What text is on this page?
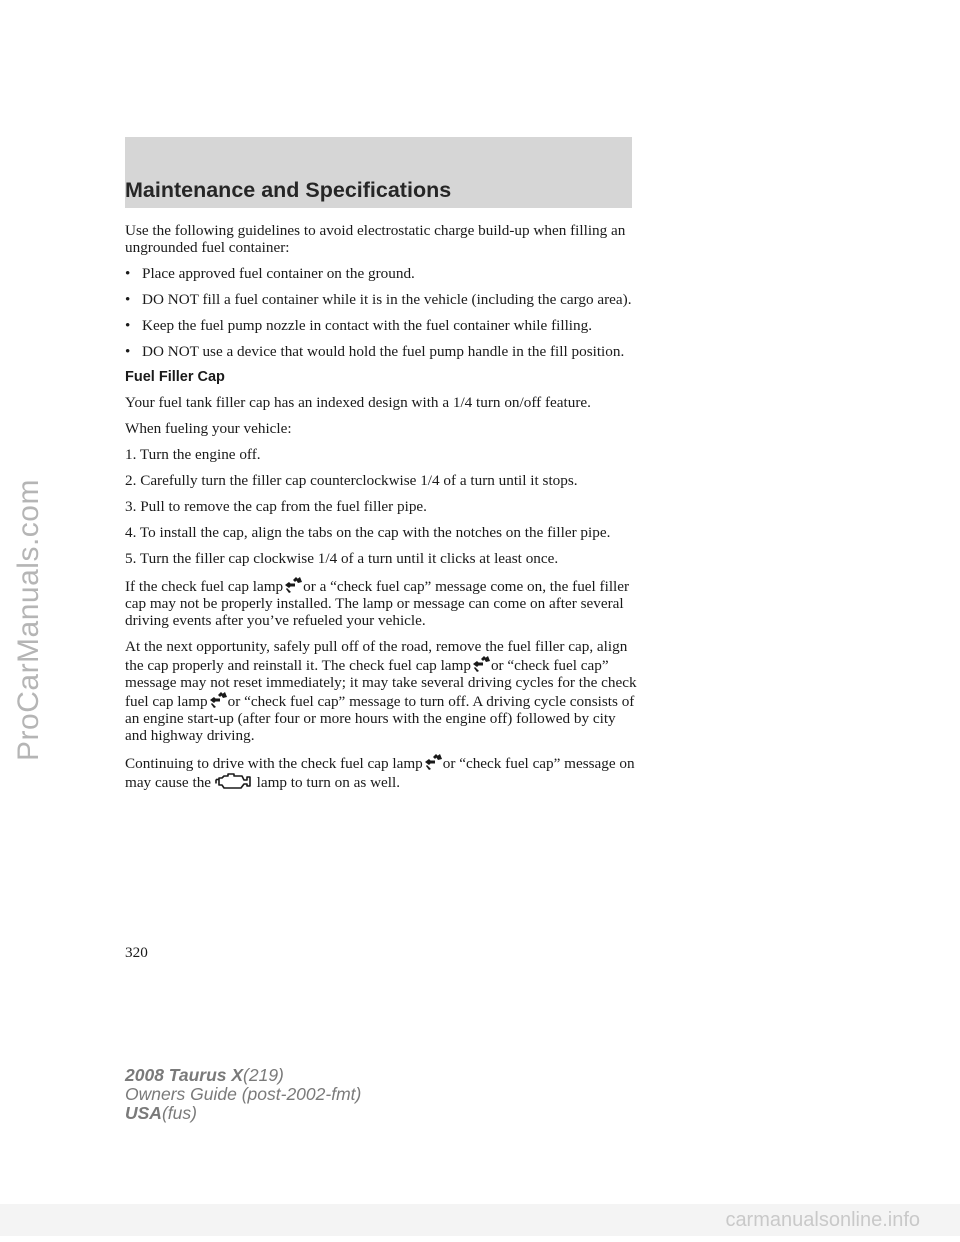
ProCarManuals.com
Maintenance and Specifications

Use the following guidelines to avoid electrostatic charge build-up when filling an ungrounded fuel container:

• Place approved fuel container on the ground.
• DO NOT fill a fuel container while it is in the vehicle (including the cargo area).
• Keep the fuel pump nozzle in contact with the fuel container while filling.
• DO NOT use a device that would hold the fuel pump handle in the fill position.
Fuel Filler Cap

Your fuel tank filler cap has an indexed design with a 1/4 turn on/off feature.

When fueling your vehicle:

1. Turn the engine off.

2. Carefully turn the filler cap counterclockwise 1/4 of a turn until it stops.

3. Pull to remove the cap from the fuel filler pipe.

4. To install the cap, align the tabs on the cap with the notches on the filler pipe.

5. Turn the filler cap clockwise 1/4 of a turn until it clicks at least once.

If the check fuel cap lamp or a “check fuel cap” message come on, the fuel filler cap may not be properly installed. The lamp or message can come on after several driving events after you’ve refueled your vehicle.

At the next opportunity, safely pull off of the road, remove the fuel filler cap, align the cap properly and reinstall it. The check fuel cap lamp or “check fuel cap” message may not reset immediately; it may take several driving cycles for the check fuel cap lamp or “check fuel cap” message to turn off. A driving cycle consists of an engine start-up (after four or more hours with the engine off) followed by city and highway driving.

Continuing to drive with the check fuel cap lamp or “check fuel cap” message on may cause the	lamp to turn on as well.

320
2008 Taurus X(219)
Owners Guide (post-2002-fmt)
USA(fus)
carmanualsonline.info
